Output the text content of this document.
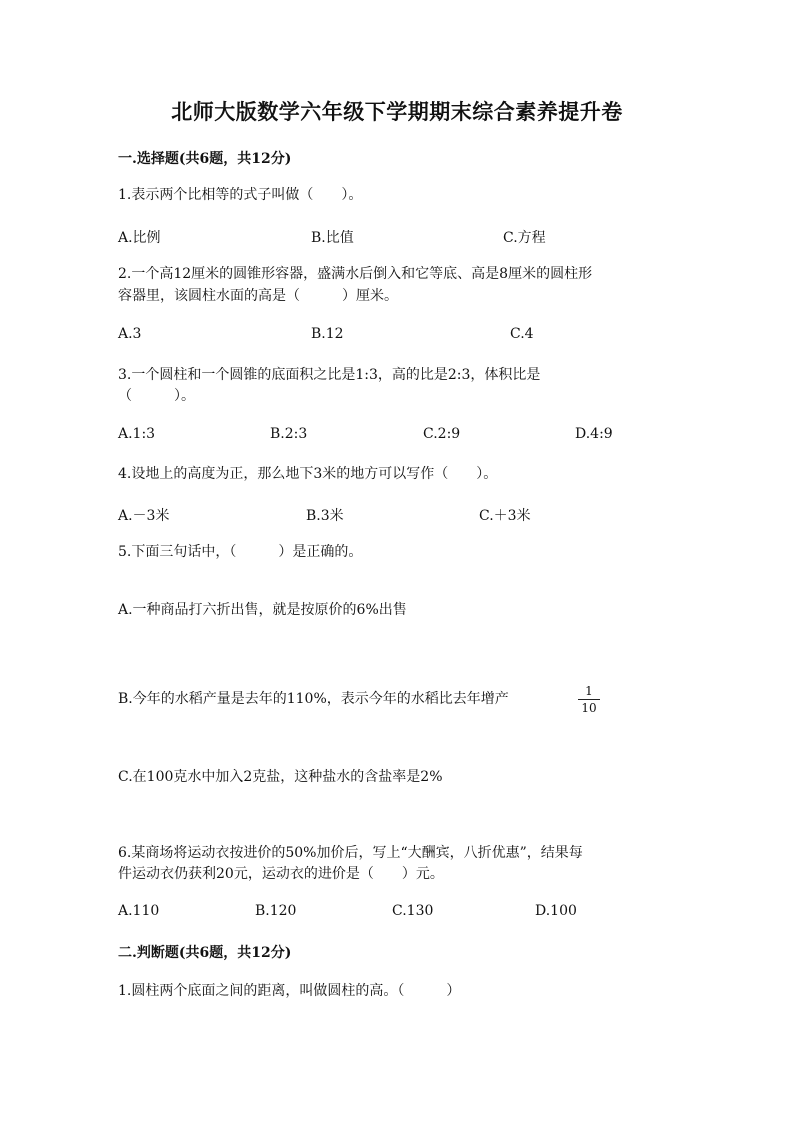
北师大版数学六年级下学期期末综合素养提升卷
一.选择题(共6题，共12分)
1.表示两个比相等的式子叫做（　　）。
A.比例	B.比值	C.方程
2.一个高12厘米的圆锥形容器，盛满水后倒入和它等底、高是8厘米的圆柱形
容器里，该圆柱水面的高是（　　　）厘米。
A.3	B.12	C.4
3.一个圆柱和一个圆锥的底面积之比是1:3，高的比是2:3，体积比是
（　　　）。
A.1:3	B.2:3	C.2:9	D.4:9
4.设地上的高度为正，那么地下3米的地方可以写作（　　）。
A.－3米	B.3米	C.＋3米
5.下面三句话中，（　　　）是正确的。
A.一种商品打六折出售，就是按原价的6%出售
B.今年的水稻产量是去年的110%，表示今年的水稻比去年增产	1
10
C.在100克水中加入2克盐，这种盐水的含盐率是2%
6.某商场将运动衣按进价的50%加价后，写上“大酬宾，八折优惠”，结果每
件运动衣仍获利20元，运动衣的进价是（　　）元。
A.110	B.120	C.130	D.100
二.判断题(共6题，共12分)
1.圆柱两个底面之间的距离，叫做圆柱的高。（　　　）
